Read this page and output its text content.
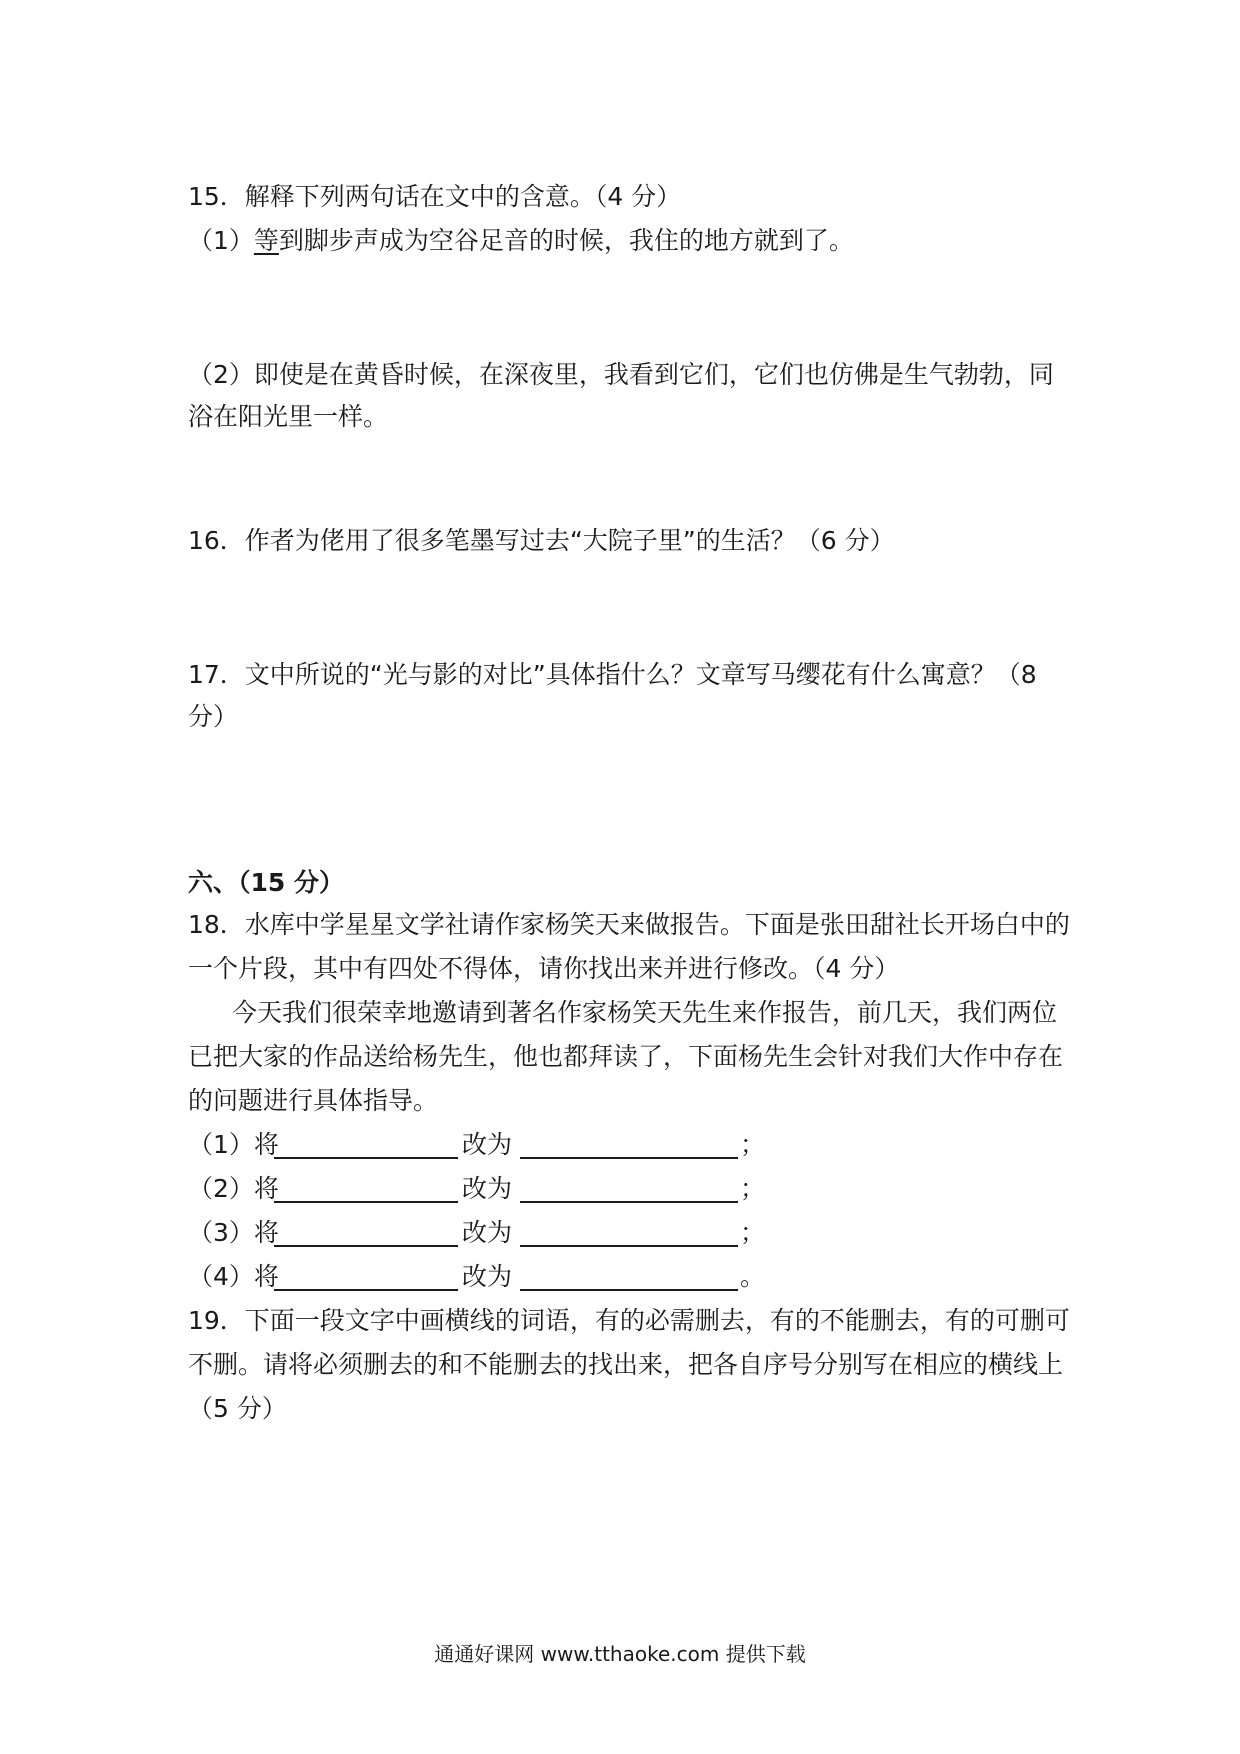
15．解释下列两句话在文中的含意。（4 分）
（1）等到脚步声成为空谷足音的时候，我住的地方就到了。
（2）即使是在黄昏时候，在深夜里，我看到它们，它们也仿佛是生气勃勃，同
浴在阳光里一样。
16．作者为佬用了很多笔墨写过去“大院子里”的生活？（6 分）
17．文中所说的“光与影的对比”具体指什么？文章写马缨花有什么寓意？（8
分）
六、（15 分）
18．水库中学星星文学社请作家杨笑天来做报告。下面是张田甜社长开场白中的
一个片段，其中有四处不得体，请你找出来并进行修改。（4 分）
今天我们很荣幸地邀请到著名作家杨笑天先生来作报告，前几天，我们两位
已把大家的作品送给杨先生，他也都拜读了，下面杨先生会针对我们大作中存在
的问题进行具体指导。
（1）将	改为	；
（2）将	改为	；
（3）将	改为	；
（4）将	改为	。
19．下面一段文字中画横线的词语，有的必需删去，有的不能删去，有的可删可
不删。请将必须删去的和不能删去的找出来，把各自序号分别写在相应的横线上
（5 分）
通通好课网 www.tthaoke.com 提供下载
